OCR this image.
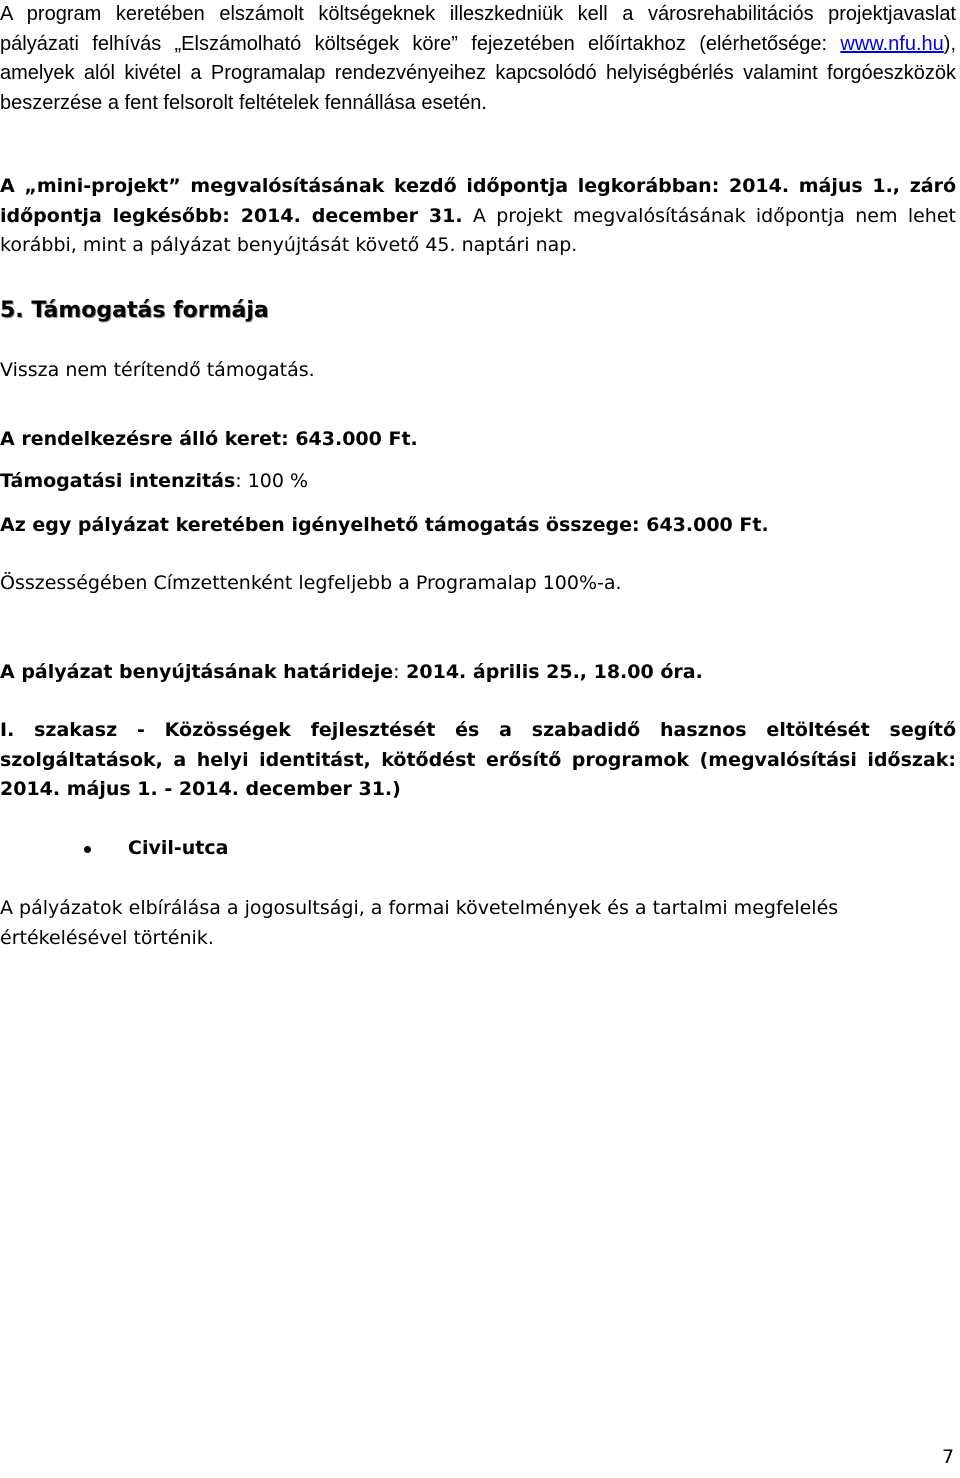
A program keretében elszámolt költségeknek illeszkedniük kell a városrehabilitációs projektjavaslat pályázati felhívás „Elszámolható költségek köre” fejezetében előírtakhoz (elérhetősége: www.nfu.hu), amelyek alól kivétel a Programalap rendezvényeihez kapcsolódó helyiségbérlés valamint forgóeszközök beszerzése a fent felsorolt feltételek fennállása esetén.

A „mini-projekt” megvalósításának kezdő időpontja legkorábban: 2014. május 1., záró időpontja legkésőbb: 2014. december 31. A projekt megvalósításának időpontja nem lehet korábbi, mint a pályázat benyújtását követő 45. naptári nap.

5. Támogatás formája

Vissza nem térítendő támogatás.

A rendelkezésre álló keret: 643.000 Ft.

Támogatási intenzitás: 100 %

Az egy pályázat keretében igényelhető támogatás összege: 643.000 Ft.

Összességében Címzettenként legfeljebb a Programalap 100%-a.

A pályázat benyújtásának határideje: 2014. április 25., 18.00 óra.

I. szakasz - Közösségek fejlesztését és a szabadidő hasznos eltöltését segítő szolgáltatások, a helyi identitást, kötődést erősítő programok (megvalósítási időszak: 2014. május 1. - 2014. december 31.)

Civil-utca

A pályázatok elbírálása a jogosultsági, a formai követelmények és a tartalmi megfelelés értékelésével történik.

7
